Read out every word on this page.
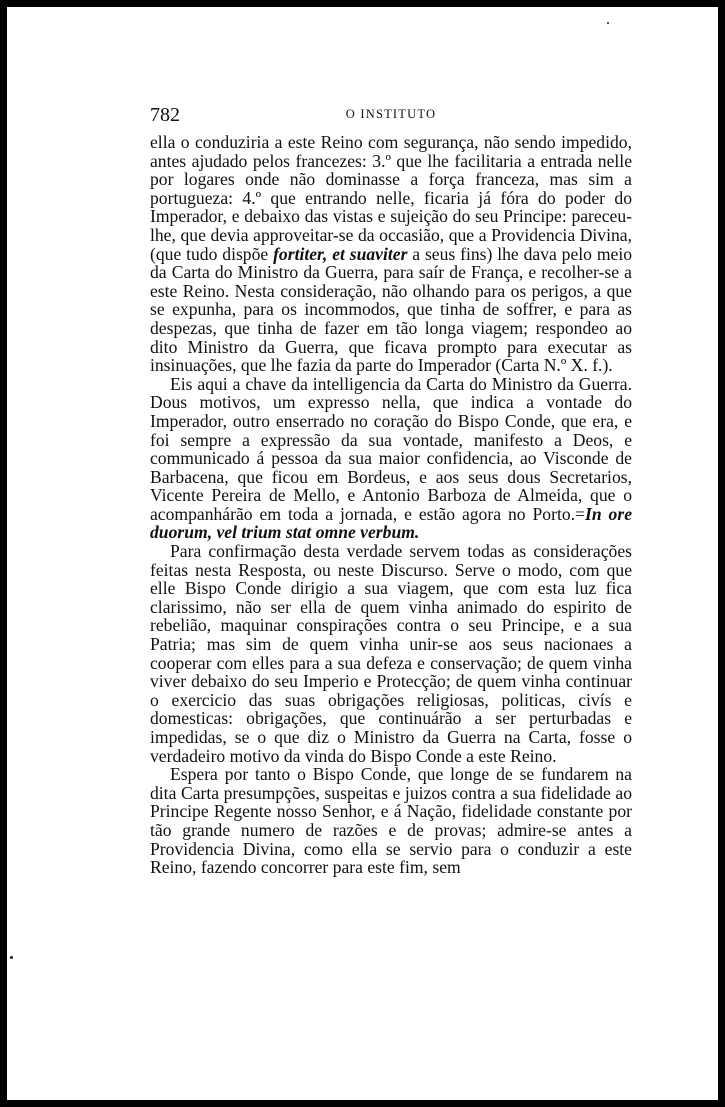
782	O INSTITUTO

ella o conduziria a este Reino com segurança, não sendo impedido, antes ajudado pelos francezes: 3.º que lhe facilitaria a entrada nelle por logares onde não dominasse a força franceza, mas sim a portugueza: 4.º que entrando nelle, ficaria já fóra do poder do Imperador, e debaixo das vistas e sujeição do seu Principe: pareceu-lhe, que devia approveitar-se da occasião, que a Providencia Divina, (que tudo dispõe fortiter, et suaviter a seus fins) lhe dava pelo meio da Carta do Ministro da Guerra, para saír de França, e recolher-se a este Reino. Nesta consideração, não olhando para os perigos, a que se expunha, para os incommodos, que tinha de soffrer, e para as despezas, que tinha de fazer em tão longa viagem; respondeo ao dito Ministro da Guerra, que ficava prompto para executar as insinuações, que lhe fazia da parte do Imperador (Carta N.º X. f.).

Eis aqui a chave da intelligencia da Carta do Ministro da Guerra. Dous motivos, um expresso nella, que indica a vontade do Imperador, outro enserrado no coração do Bispo Conde, que era, e foi sempre a expressão da sua vontade, manifesto a Deos, e communicado á pessoa da sua maior confidencia, ao Visconde de Barbacena, que ficou em Bordeus, e aos seus dous Secretarios, Vicente Pereira de Mello, e Antonio Barboza de Almeida, que o acompanhárão em toda a jornada, e estão agora no Porto.=In ore duorum, vel trium stat omne verbum.

Para confirmação desta verdade servem todas as considerações feitas nesta Resposta, ou neste Discurso. Serve o modo, com que elle Bispo Conde dirigio a sua viagem, que com esta luz fica clarissimo, não ser ella de quem vinha animado do espirito de rebelião, maquinar conspirações contra o seu Principe, e a sua Patria; mas sim de quem vinha unir-se aos seus nacionaes a cooperar com elles para a sua defeza e conservação; de quem vinha viver debaixo do seu Imperio e Protecção; de quem vinha continuar o exercicio das suas obrigações religiosas, politicas, civís e domesticas: obrigações, que continuárão a ser perturbadas e impedidas, se o que diz o Ministro da Guerra na Carta, fosse o verdadeiro motivo da vinda do Bispo Conde a este Reino.

Espera por tanto o Bispo Conde, que longe de se fundarem na dita Carta presumpções, suspeitas e juizos contra a sua fidelidade ao Principe Regente nosso Senhor, e á Nação, fidelidade constante por tão grande numero de razões e de provas; admire-se antes a Providencia Divina, como ella se servio para o conduzir a este Reino, fazendo concorrer para este fim, sem
